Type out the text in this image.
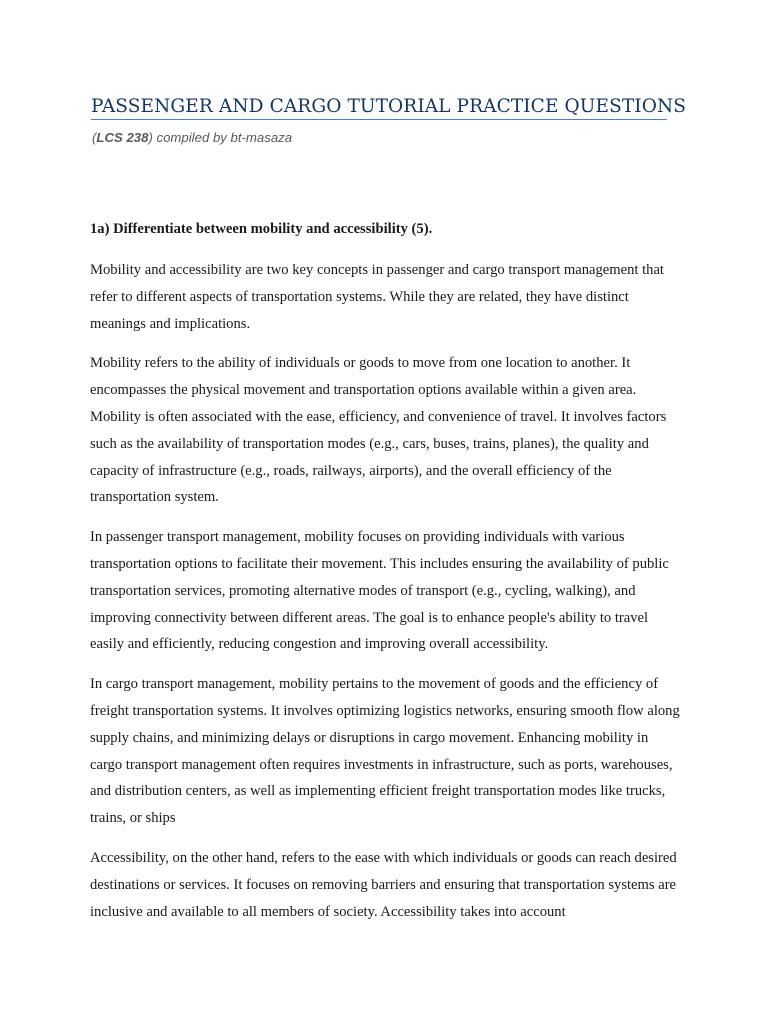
PASSENGER AND CARGO TUTORIAL PRACTICE QUESTIONS

(LCS 238) compiled by bt-masaza

1a) Differentiate between mobility and accessibility (5).

Mobility and accessibility are two key concepts in passenger and cargo transport management that refer to different aspects of transportation systems. While they are related, they have distinct meanings and implications.

Mobility refers to the ability of individuals or goods to move from one location to another. It encompasses the physical movement and transportation options available within a given area. Mobility is often associated with the ease, efficiency, and convenience of travel. It involves factors such as the availability of transportation modes (e.g., cars, buses, trains, planes), the quality and capacity of infrastructure (e.g., roads, railways, airports), and the overall efficiency of the transportation system.

In passenger transport management, mobility focuses on providing individuals with various transportation options to facilitate their movement. This includes ensuring the availability of public transportation services, promoting alternative modes of transport (e.g., cycling, walking), and improving connectivity between different areas. The goal is to enhance people's ability to travel easily and efficiently, reducing congestion and improving overall accessibility.

In cargo transport management, mobility pertains to the movement of goods and the efficiency of freight transportation systems. It involves optimizing logistics networks, ensuring smooth flow along supply chains, and minimizing delays or disruptions in cargo movement. Enhancing mobility in cargo transport management often requires investments in infrastructure, such as ports, warehouses, and distribution centers, as well as implementing efficient freight transportation modes like trucks, trains, or ships

Accessibility, on the other hand, refers to the ease with which individuals or goods can reach desired destinations or services. It focuses on removing barriers and ensuring that transportation systems are inclusive and available to all members of society. Accessibility takes into account
